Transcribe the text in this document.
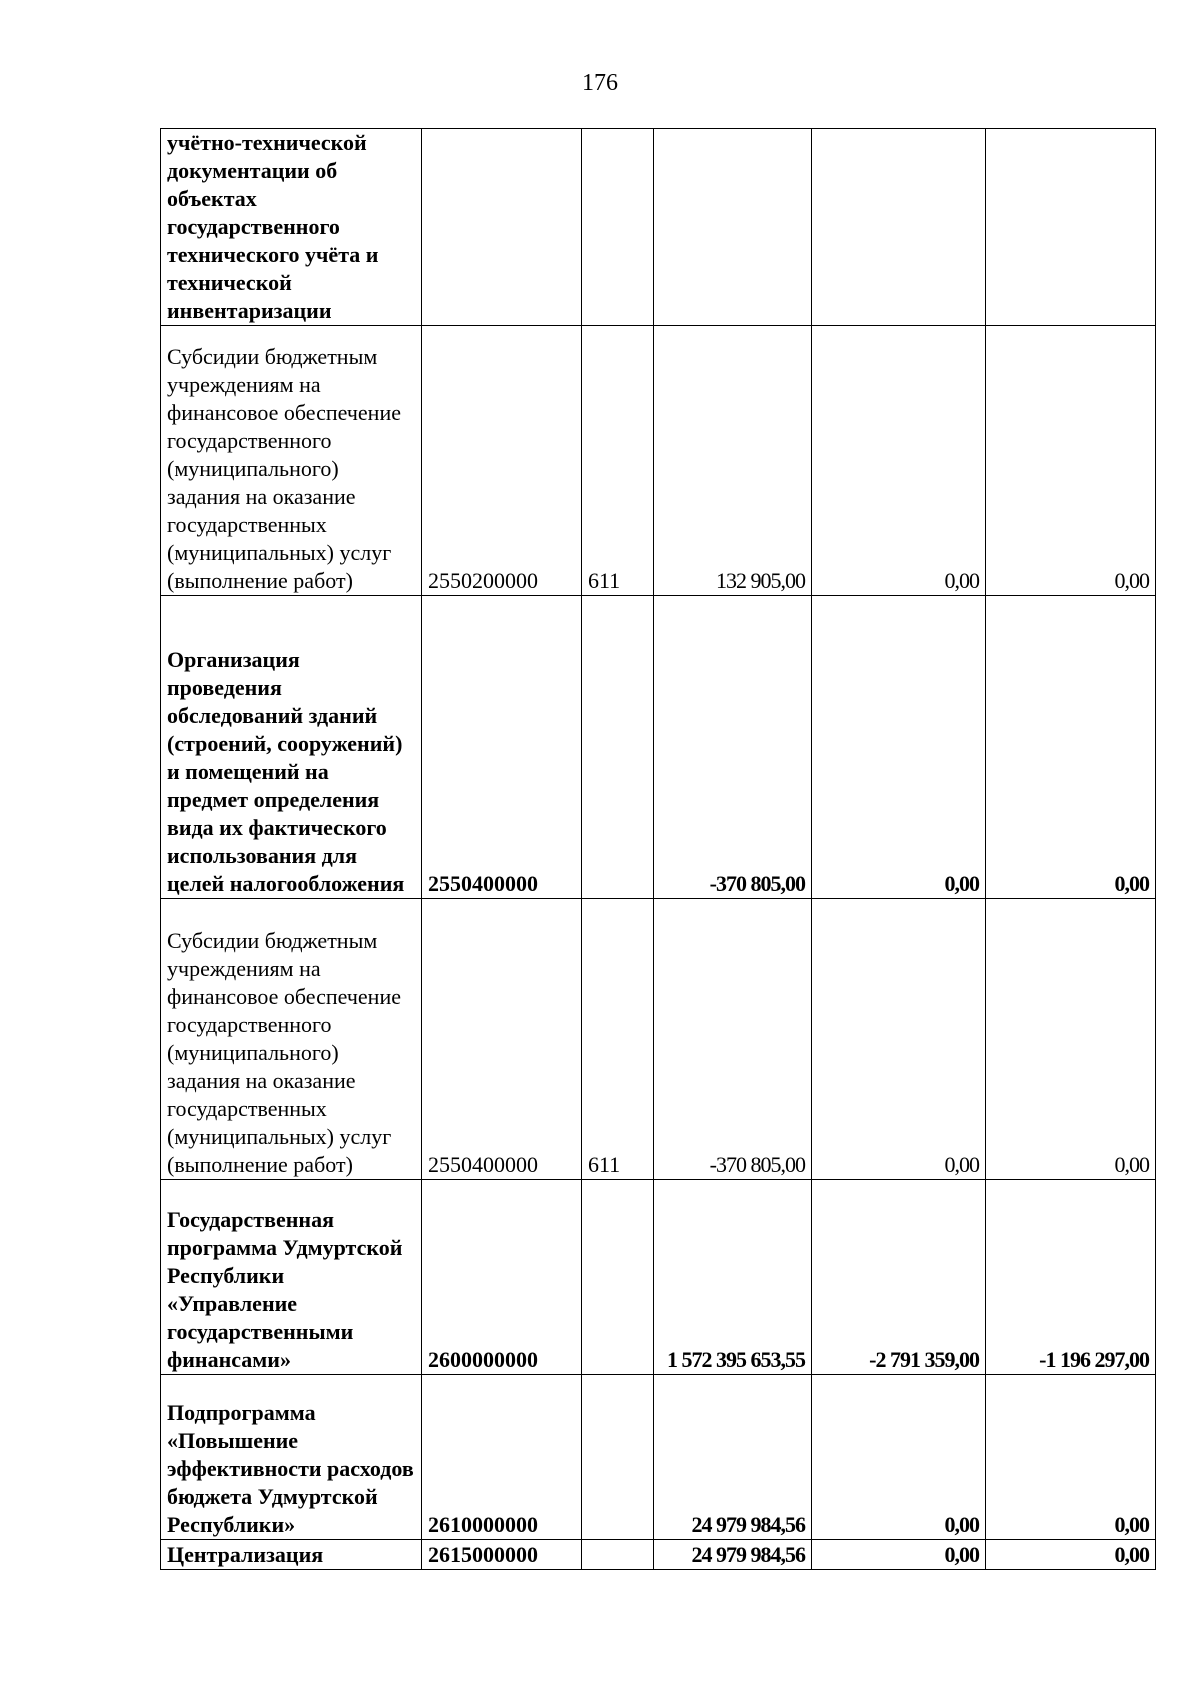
176
учётно-технической документации об объектах государственного технического учёта и технической инвентаризации					
Субсидии бюджетным учреждениям на финансовое обеспечение государственного (муниципального) задания на оказание государственных (муниципальных) услуг (выполнение работ)	2550200000	611	132 905,00	0,00	0,00
Организация проведения обследований зданий (строений, сооружений) и помещений на предмет определения вида их фактического использования для целей налогообложения	2550400000		-370 805,00	0,00	0,00
Субсидии бюджетным учреждениям на финансовое обеспечение государственного (муниципального) задания на оказание государственных (муниципальных) услуг (выполнение работ)	2550400000	611	-370 805,00	0,00	0,00
Государственная программа Удмуртской Республики «Управление государственными финансами»	2600000000		1 572 395 653,55	-2 791 359,00	-1 196 297,00
Подпрограмма «Повышение эффективности расходов бюджета Удмуртской Республики»	2610000000		24 979 984,56	0,00	0,00
Централизация	2615000000		24 979 984,56	0,00	0,00
